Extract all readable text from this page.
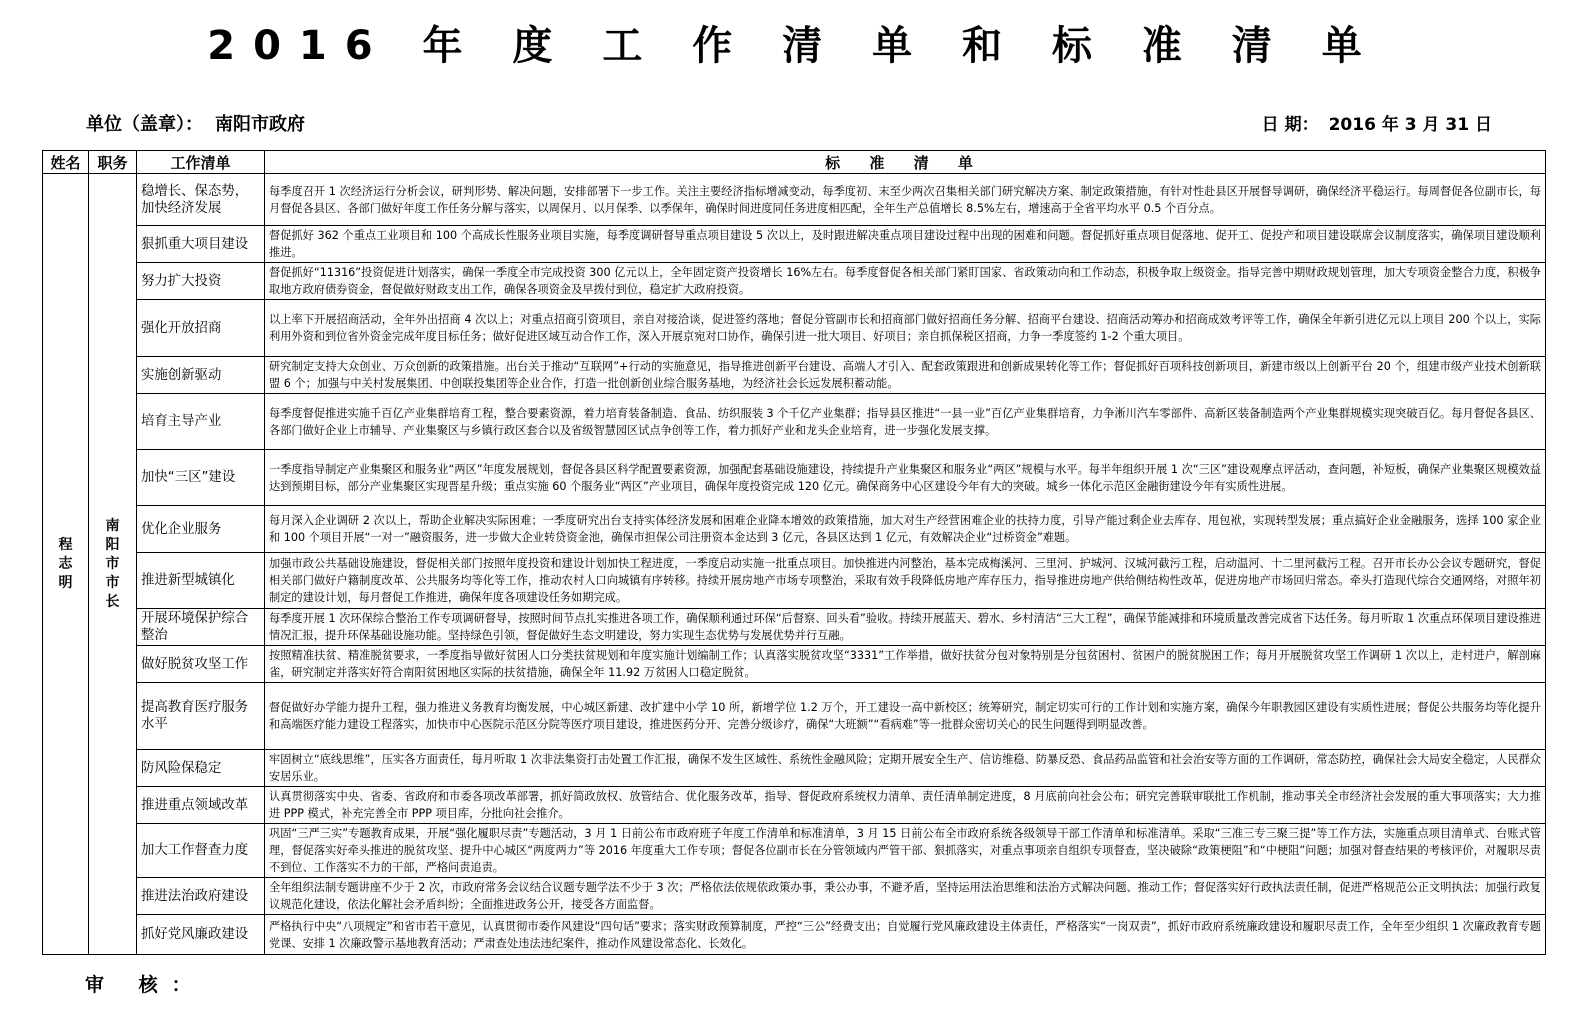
2016 年 度 工 作 清 单 和 标 准 清 单
单位（盖章）： 南阳市政府	日 期： 2016 年 3 月 31 日
姓名	职务	工作清单	标 准 清 单
程志明	南阳市市长	稳增长、保态势，加快经济发展	每季度召开 1 次经济运行分析会议，研判形势、解决问题，安排部署下一步工作。关注主要经济指标增减变动，每季度初、末至少两次召集相关部门研究解决方案、制定政策措施，有针对性赴县区开展督导调研，确保经济平稳运行。每周督促各位副市长，每月督促各县区、各部门做好年度工作任务分解与落实，以周保月、以月保季、以季保年，确保时间进度同任务进度相匹配，全年生产总值增长 8.5%左右，增速高于全省平均水平 0.5 个百分点。
		狠抓重大项目建设	督促抓好 362 个重点工业项目和 100 个高成长性服务业项目实施，每季度调研督导重点项目建设 5 次以上，及时跟进解决重点项目建设过程中出现的困难和问题。督促抓好重点项目促落地、促开工、促投产和项目建设联席会议制度落实，确保项目建设顺利推进。
		努力扩大投资	督促抓好“11316”投资促进计划落实，确保一季度全市完成投资 300 亿元以上，全年固定资产投资增长 16%左右。每季度督促各相关部门紧盯国家、省政策动向和工作动态，积极争取上级资金。指导完善中期财政规划管理，加大专项资金整合力度，积极争取地方政府债券资金，督促做好财政支出工作，确保各项资金及早拨付到位，稳定扩大政府投资。
		强化开放招商	以上率下开展招商活动，全年外出招商 4 次以上；对重点招商引资项目，亲自对接洽谈，促进签约落地；督促分管副市长和招商部门做好招商任务分解、招商平台建设、招商活动筹办和招商成效考评等工作，确保全年新引进亿元以上项目 200 个以上，实际利用外资和到位省外资金完成年度目标任务；做好促进区域互动合作工作，深入开展京宛对口协作，确保引进一批大项目、好项目；亲自抓保税区招商，力争一季度签约 1-2 个重大项目。
		实施创新驱动	研究制定支持大众创业、万众创新的政策措施。出台关于推动“互联网”+行动的实施意见，指导推进创新平台建设、高端人才引入、配套政策跟进和创新成果转化等工作；督促抓好百项科技创新项目，新建市级以上创新平台 20 个，组建市级产业技术创新联盟 6 个；加强与中关村发展集团、中创联投集团等企业合作，打造一批创新创业综合服务基地，为经济社会长远发展积蓄动能。
		培育主导产业	每季度督促推进实施千百亿产业集群培育工程，整合要素资源，着力培育装备制造、食品、纺织服装 3 个千亿产业集群；指导县区推进“一县一业”百亿产业集群培育，力争淅川汽车零部件、高新区装备制造两个产业集群规模实现突破百亿。每月督促各县区、各部门做好企业上市辅导、产业集聚区与乡镇行政区套合以及省级智慧园区试点争创等工作，着力抓好产业和龙头企业培育，进一步强化发展支撑。
		加快“三区”建设	一季度指导制定产业集聚区和服务业“两区”年度发展规划，督促各县区科学配置要素资源，加强配套基础设施建设，持续提升产业集聚区和服务业“两区”规模与水平。每半年组织开展 1 次“三区”建设观摩点评活动，查问题，补短板，确保产业集聚区规模效益达到预期目标，部分产业集聚区实现晋星升级；重点实施 60 个服务业“两区”产业项目，确保年度投资完成 120 亿元。确保商务中心区建设今年有大的突破。城乡一体化示范区金融街建设今年有实质性进展。
		优化企业服务	每月深入企业调研 2 次以上，帮助企业解决实际困难；一季度研究出台支持实体经济发展和困难企业降本增效的政策措施，加大对生产经营困难企业的扶持力度，引导产能过剩企业去库存、甩包袱，实现转型发展；重点搞好企业金融服务，选择 100 家企业和 100 个项目开展“一对一”融资服务，进一步做大企业转贷资金池，确保市担保公司注册资本金达到 3 亿元，各县区达到 1 亿元，有效解决企业“过桥资金”难题。
		推进新型城镇化	加强市政公共基础设施建设，督促相关部门按照年度投资和建设计划加快工程进度，一季度启动实施一批重点项目。加快推进内河整治，基本完成梅溪河、三里河、护城河、汉城河截污工程，启动温河、十二里河截污工程。召开市长办公会议专题研究，督促相关部门做好户籍制度改革、公共服务均等化等工作，推动农村人口向城镇有序转移。持续开展房地产市场专项整治，采取有效手段降低房地产库存压力，指导推进房地产供给侧结构性改革，促进房地产市场回归常态。牵头打造现代综合交通网络，对照年初制定的建设计划，每月督促工作推进，确保年度各项建设任务如期完成。
		开展环境保护综合整治	每季度开展 1 次环保综合整治工作专项调研督导，按照时间节点扎实推进各项工作，确保顺利通过环保“后督察、回头看”验收。持续开展蓝天、碧水、乡村清洁“三大工程”，确保节能减排和环境质量改善完成省下达任务。每月听取 1 次重点环保项目建设推进情况汇报，提升环保基础设施功能。坚持绿色引领，督促做好生态文明建设，努力实现生态优势与发展优势并行互融。
		做好脱贫攻坚工作	按照精准扶贫、精准脱贫要求，一季度指导做好贫困人口分类扶贫规划和年度实施计划编制工作；认真落实脱贫攻坚“3331”工作举措，做好扶贫分包对象特别是分包贫困村、贫困户的脱贫脱困工作；每月开展脱贫攻坚工作调研 1 次以上，走村进户，解剖麻雀，研究制定并落实好符合南阳贫困地区实际的扶贫措施，确保全年 11.92 万贫困人口稳定脱贫。
		提高教育医疗服务水平	督促做好办学能力提升工程，强力推进义务教育均衡发展，中心城区新建、改扩建中小学 10 所，新增学位 1.2 万个，开工建设一高中新校区；统筹研究，制定切实可行的工作计划和实施方案，确保今年职教园区建设有实质性进展；督促公共服务均等化提升和高端医疗能力建设工程落实，加快市中心医院示范区分院等医疗项目建设，推进医药分开、完善分级诊疗，确保“大班额”“看病难”等一批群众密切关心的民生问题得到明显改善。
		防风险保稳定	牢固树立“底线思维”，压实各方面责任，每月听取 1 次非法集资打击处置工作汇报，确保不发生区域性、系统性金融风险；定期开展安全生产、信访维稳、防暴反恐、食品药品监管和社会治安等方面的工作调研，常态防控，确保社会大局安全稳定，人民群众安居乐业。
		推进重点领域改革	认真贯彻落实中央、省委、省政府和市委各项改革部署，抓好简政放权、放管结合、优化服务改革，指导、督促政府系统权力清单、责任清单制定进度，8 月底前向社会公布；研究完善联审联批工作机制，推动事关全市经济社会发展的重大事项落实；大力推进 PPP 模式，补充完善全市 PPP 项目库，分批向社会推介。
		加大工作督查力度	巩固“三严三实”专题教育成果，开展“强化履职尽责”专题活动，3 月 1 日前公布市政府班子年度工作清单和标准清单，3 月 15 日前公布全市政府系统各级领导干部工作清单和标准清单。采取“三准三专三聚三提”等工作方法，实施重点项目清单式、台账式管理，督促落实好牵头推进的脱贫攻坚、提升中心城区“两度两力”等 2016 年度重大工作专项；督促各位副市长在分管领域内严管干部、狠抓落实，对重点事项亲自组织专项督查，坚决破除“政策梗阻”和“中梗阻”问题；加强对督查结果的考核评价，对履职尽责不到位、工作落实不力的干部，严格问责追责。
		推进法治政府建设	全年组织法制专题讲座不少于 2 次，市政府常务会议结合议题专题学法不少于 3 次；严格依法依规依政策办事，秉公办事，不避矛盾，坚持运用法治思维和法治方式解决问题、推动工作；督促落实好行政执法责任制，促进严格规范公正文明执法；加强行政复议规范化建设，依法化解社会矛盾纠纷；全面推进政务公开，接受各方面监督。
		抓好党风廉政建设	严格执行中央“八项规定”和省市若干意见，认真贯彻市委作风建设“四句话”要求；落实财政预算制度，严控“三公”经费支出；自觉履行党风廉政建设主体责任，严格落实“一岗双责”，抓好市政府系统廉政建设和履职尽责工作，全年至少组织 1 次廉政教育专题党课、安排 1 次廉政警示基地教育活动；严肃查处违法违纪案件，推动作风建设常态化、长效化。
审 核：
